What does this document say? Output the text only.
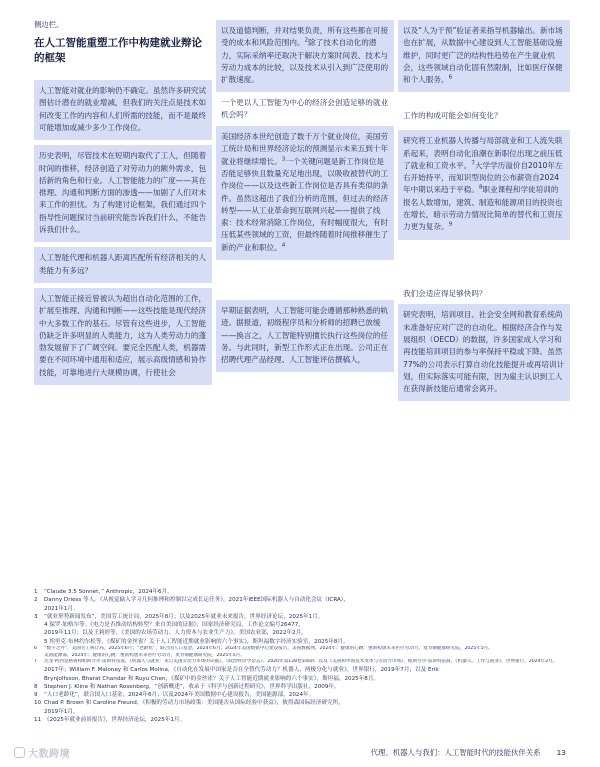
侧边栏。
在人工智能重塑工作中构建就业辩论的框架
人工智能对就业的影响仍不确定。虽然许多研究试图估计潜在的就业增减，但我们的关注点是技术如何改变工作的内容和人们所需的技能，而不是最终可能增加或减少多少工作岗位。
历史表明，尽管技术在短期内取代了工人，但随着时间的推移，经济创造了对劳动力的额外需求，包括新的角色和行业。人工智能能力的广度——其在推理、沟通和判断方面的渗透——加剧了人们对未来工作的担忧。为了构建讨论框架，我们通过四个指导性问题探讨当前研究能告诉我们什么，不能告诉我们什么。
人工智能代理和机器人距离匹配所有经济相关的人类能力有多远？
人工智能正接近曾被认为超出自动化范围的工作，扩展至推理、沟通和判断——这些技能是现代经济中大多数工作的基石。尽管有这些进步，人工智能仍缺乏许多明显的人类能力，这为人类劳动力的蓬勃发展留下了广阔空间。要完全匹配人类，机器需要在不同环境中通用和适应，展示高级情感和协作技能，可靠地进行大规模协调，行使社会
以及道德判断，并对结果负责，所有这些都在可接受的成本和风险范围内。$^2$除了技术自动化的潜力，实际采纳率还取决于解决方案时间表、技术与劳动力成本的比较，以及技术从引入到广泛使用的扩散速度。
一个更以人工智能为中心的经济会创造足够的就业机会吗？
美国经济本世纪创造了数千万个就业岗位，美国劳工统计局和世界经济论坛的预测显示未来五到十年就业将继续增长。$^3$一个关键问题是新工作岗位是否能足够快且数量充足地出现，以吸收被替代的工作岗位——以及这些新工作岗位是否具有类似的条件。虽然这超出了我们分析的范围，但过去的经济转型——从工业革命到互联网兴起——提供了线索：技术经常消除工作岗位，有时幅度很大，有时压低某些领域的工资，但最终随着时间推移催生了新的产业和职位。$^4$
早期证据表明，人工智能可能会遵循那种熟悉的轨迹。据报道，初级程序员和分析师的招聘已放缓——换言之，人工智能特别擅长执行这些岗位的任务。与此同时，新型工作形式正在出现。公司正在招聘代理产品经理、人工智能评估撰稿人，
以及“人为干预”验证者来指导机器输出。新市场也在扩展，从数据中心建设到人工智能基础设施维护，同时更广泛的结构性趋势在产生就业机会，这些领域自动化固有然限制，比如医疗保健和个人服务。$^6$
工作的构成可能会如何变化？
研究将工业机器人传播与局部就业和工人流失联系起来，表明自动化浪潮在新职位出现之前压低了就业和工资水平。$^7$大学学历溢价自2010年左右开始持平，而知识型岗位的公布薪资自2024年中期以来趋于平稳。$^8$职业课程和学徒培训的报名人数增加，建筑、制造和能源项目的投资也在增长，暗示劳动力情况比简单的替代和工资压力更为复杂。$^9$
我们会适应得足够快吗？
研究表明，培训项目、社会安全网和教育系统尚未准备好应对广泛的自动化。根据经济合作与发展组织（OECD）的数据，许多国家成人学习和再技能培训项目的参与率保持平稳或下降。虽然77%的公司表示打算自动化技能提升或再培训计划，但实际落实可能有限，因为雇主认识到工人在获得新技能后通常会离开。
1 “Claude 3.5 Sonnet，” Anthropic，2024年6月。
2 Danny Driess 等人。《从视觉输入学习几何推理和控制以完成长运任务》，2021年IEEE国际机器人与自动化会议（ICRA），
2021年1月。
3 “就业形势新闻发布”，美国劳工统计局，2025年8月；以及2025年就业未来报告，世界经济论坛，2025年1月。
4 保罗·加格尔等。《电力是否推动结构转型？来自美国的证据》，国家经济研究局，工作论文编号26477，
2019年11月；以及王莉婷等，《美国的农场劳动力、人力资本与农业生产力》，美国农业部，2022年2月。
5 埃里克·布林约尔松等，《煤矿的金丝雀？关于人工智能近期就业影响的六个事实》，斯坦福数字经济实验室，2025年8月。
6 “数字之外”，美国劳工统计局，2025年6月；“老龄化”，联合国人口基金，2024年6月；2024年美国数据中心建设报告，美国数据网，2024年；健康的心跳：重新构想未来医疗劳动力，麦肯锡健康研究院，2025年5月。
美国能源部，2024年；健康的心跳：重新构想未来医疗劳动力，麦肯锡健康研究院，2025年5月。
7 达龙·阿西莫格鲁和帕斯夸尔·雷斯特雷波，《机器人与就业：来自美国劳动力市场的证据》，《政治经济学杂志》，2020年第128卷第6期；以及《美国和中国技术变革与劳动力市场》，帕斯夸尔·雷斯特雷波，《机器人、工作与就业》，世界银行，2024年2月。
2017年；William F. Maloney 和 Carlos Molina，《自动化在发展中国家是否在全替代劳动力？机器人、两极分化与就业》，世界银行，2019年7月；以及 Erik
Brynjolfsson, Bharat Chandar 和 Ruyu Chen，《煤矿中的金丝雀？关于人工智能近期就业影响的六个事实》，斯坦福，2025年8月。
8 Stephen J. Kline 和 Nathan Rosenberg，“创新概述”，收录于《科学与创新过程研究》，世界科学出版社，2009年。
9 “人口老龄化”，联合国人口基金，2024年6月；以及2024年美国数据中心建设报告，美国能源部，2024年。
10 Chad P. Brown 和 Caroline Freund，《积极的劳动力市场政策：美国能否从国际经验中获益》，彼得森国际经济研究所，
2019年1月。
11 《2025年就业前景报告》，世界经济论坛，2025年1月。
大数跨境	代理、机器人与我们：人工智能时代的技能伙伴关系 13
